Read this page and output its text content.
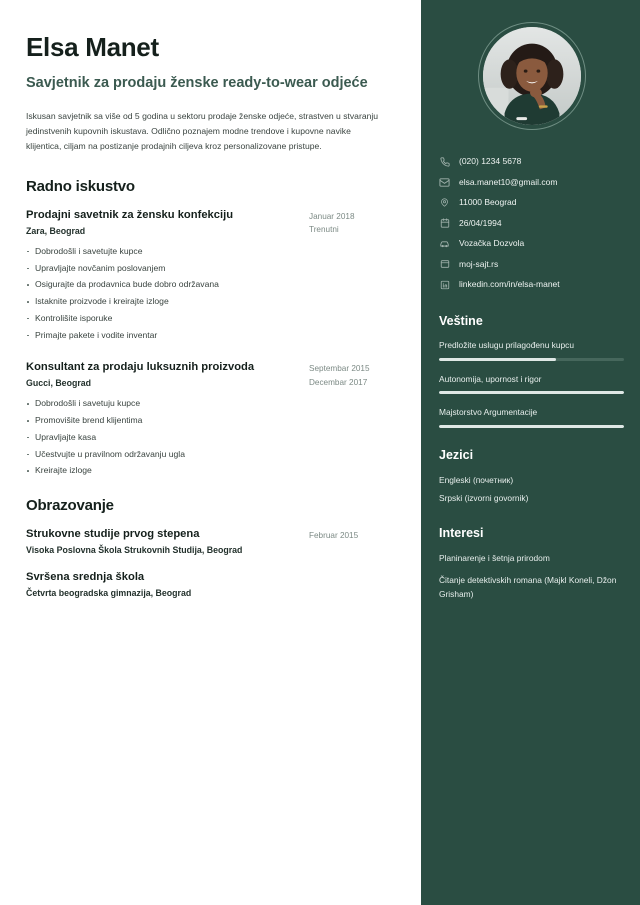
Elsa Manet
Savjetnik za prodaju ženske ready-to-wear odjeće
Iskusan savjetnik sa više od 5 godina u sektoru prodaje ženske odjeće, strastven u stvaranju jedinstvenih kupovnih iskustava. Odlično poznajem modne trendove i kupovne navike klijentica, ciljam na postizanje prodajnih ciljeva kroz personalizovane pristupe.
Radno iskustvo
Prodajni savetnik za žensku konfekciju
Zara, Beograd
Januar 2018
Trenutni
Dobrodošli i savetujte kupce
Upravljajte novčanim poslovanjem
Osigurajte da prodavnica bude dobro održavana
Istaknite proizvode i kreirajte izloge
Kontrolišite isporuke
Primajte pakete i vodite inventar
Konsultant za prodaju luksuznih proizvoda
Gucci, Beograd
Septembar 2015
Decembar 2017
Dobrodošli i savetuju kupce
Promovišite brend klijentima
Upravljajte kasa
Učestvujte u pravilnom održavanju ugla
Kreirajte izloge
Obrazovanje
Strukovne studije prvog stepena
Visoka Poslovna Škola Strukovnih Studija, Beograd
Februar 2015
Svršena srednja škola
Četvrta beogradska gimnazija, Beograd
(020) 1234 5678
elsa.manet10@gmail.com
11000 Beograd
26/04/1994
Vozačka Dozvola
moj-sajt.rs
linkedin.com/in/elsa-manet
Veštine
Predložite uslugu prilagođenu kupcu
Autonomija, upornost i rigor
Majstorstvo Argumentacije
Jezici
Engleski (почетник)
Srpski (izvorni govornik)
Interesi
Planinarenje i šetnja prirodom
Čitanje detektivskih romana (Majkl Koneli, Džon Grisham)
